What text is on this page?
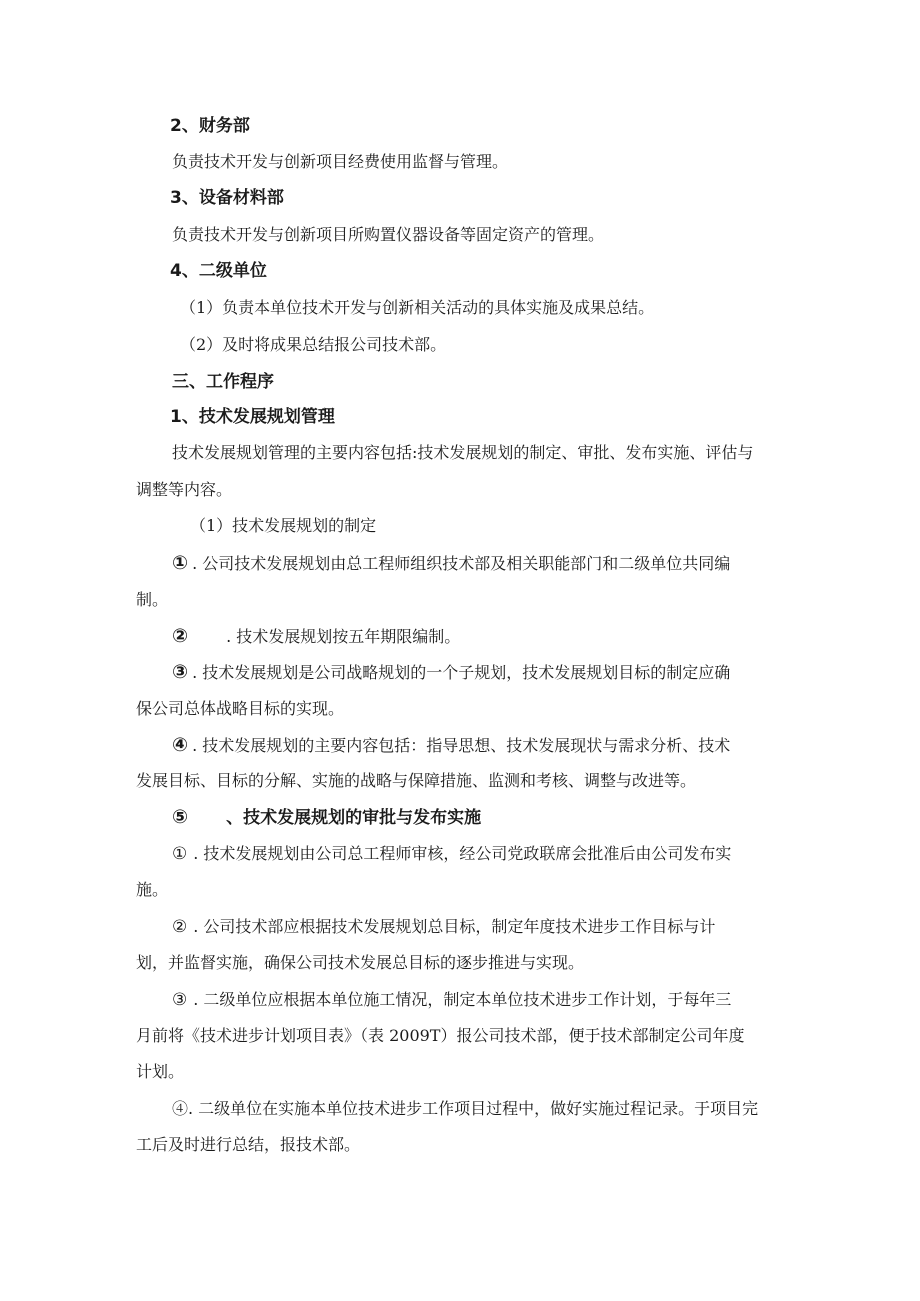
2、财务部
负责技术开发与创新项目经费使用监督与管理。
3、设备材料部
负责技术开发与创新项目所购置仪器设备等固定资产的管理。
4、二级单位
（1）负责本单位技术开发与创新相关活动的具体实施及成果总结。
（2）及时将成果总结报公司技术部。
三、工作程序
1、技术发展规划管理
技术发展规划管理的主要内容包括:技术发展规划的制定、审批、发布实施、评估与
调整等内容。
（1）技术发展规划的制定
① . 公司技术发展规划由总工程师组织技术部及相关职能部门和二级单位共同编
制。
② . 技术发展规划按五年期限编制。
③ . 技术发展规划是公司战略规划的一个子规划，技术发展规划目标的制定应确
保公司总体战略目标的实现。
④ . 技术发展规划的主要内容包括：指导思想、技术发展现状与需求分析、技术
发展目标、目标的分解、实施的战略与保障措施、监测和考核、调整与改进等。
⑤ 、技术发展规划的审批与发布实施
① . 技术发展规划由公司总工程师审核，经公司党政联席会批准后由公司发布实
施。
② . 公司技术部应根据技术发展规划总目标，制定年度技术进步工作目标与计
划，并监督实施，确保公司技术发展总目标的逐步推进与实现。
③ . 二级单位应根据本单位施工情况，制定本单位技术进步工作计划，于每年三
月前将《技术进步计划项目表》（表 2009T）报公司技术部，便于技术部制定公司年度
计划。
④. 二级单位在实施本单位技术进步工作项目过程中，做好实施过程记录。于项目完
工后及时进行总结，报技术部。
